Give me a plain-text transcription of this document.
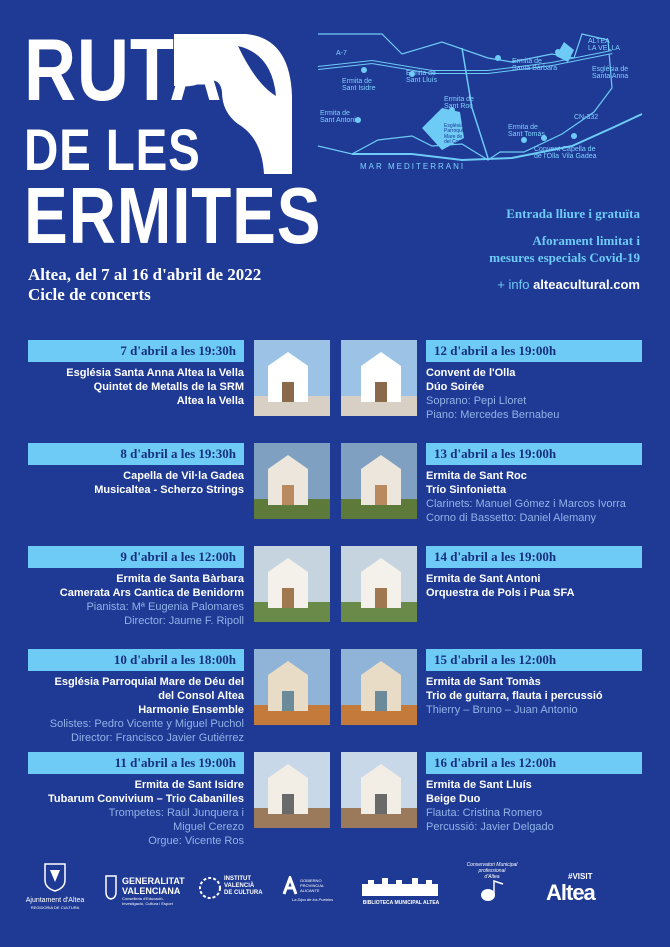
RUTA
DE LES
ERMITES
A-7
CN-332
ALTEA
LA VELLA
Ermita de
Sant Isidre
Ermita de
Sant Lluís
Ermita de
Santa Bàrbara	Església de
Santa Anna
Ermita de
Sant Antoni
Ermita de
Sant Roc
Església
Parroquial
Mare de Déu
del Consol
Ermita de
Sant Tomàs
Convent
de l'Olla
Capella de
Vila Gadea
MAR MEDITERRANI
Entrada lliure i gratuïta
Aforament limitat i
mesures especials Covid-19
+ info alteacultural.com
Altea, del 7 al 16 d'abril de 2022
Cicle de concerts
7 d'abril a les 19:30h
Església Santa Anna Altea la Vella
Quintet de Metalls de la SRM
Altea la Vella
12 d'abril a les 19:00h
Convent de l'Olla
Dúo Soirée
Soprano: Pepi Lloret
Piano: Mercedes Bernabeu
8 d'abril a les 19:30h
Capella de Vil·la Gadea
Musicaltea - Scherzo Strings
13 d'abril a les 19:00h
Ermita de Sant Roc
Trío Sinfonietta
Clarinets: Manuel Gómez i Marcos Ivorra
Corno di Bassetto: Daniel Alemany
9 d'abril a les 12:00h
Ermita de Santa Bàrbara
Camerata Ars Cantica de Benidorm
Pianista: Mª Eugenia Palomares
Director: Jaume F. Ripoll
14 d'abril a les 19:00h
Ermita de Sant Antoni
Orquestra de Pols i Pua SFA
10 d'abril a les 18:00h
Església Parroquial Mare de Déu del
del Consol Altea
Harmonie Ensemble
Solistes: Pedro Vicente y Miguel Puchol
Director: Francisco Javier Gutiérrez
15 d'abril a les 12:00h
Ermita de Sant Tomàs
Trio de guitarra, flauta i percussió
Thierry – Bruno – Juan Antonio
11 d'abril a les 19:00h
Ermita de Sant Isidre
Tubarum Convivium – Trio Cabanilles
Trompetes: Raül Junquera i
Miguel Cerezo
Orgue: Vicente Ros
16 d'abril a les 12:00h
Ermita de Sant Lluís
Beige Duo
Flauta: Cristina Romero
Percussió: Javier Delgado
Ajuntament d'Altea
REGIDORIA DE CULTURA
GENERALITAT
VALENCIANA
Conselleria d'Educació,
Investigació, Cultura i Esport
INSTITUT
VALENCIÀ
DE CULTURA
GOBIERNO
PROVINCIAL
ALICANTE
La Dipu de los Pueblos
BIBLIOTECA MUNICIPAL ALTEA
Conservatori Municipal
professional
d'Altea	#VISIT
Altea
